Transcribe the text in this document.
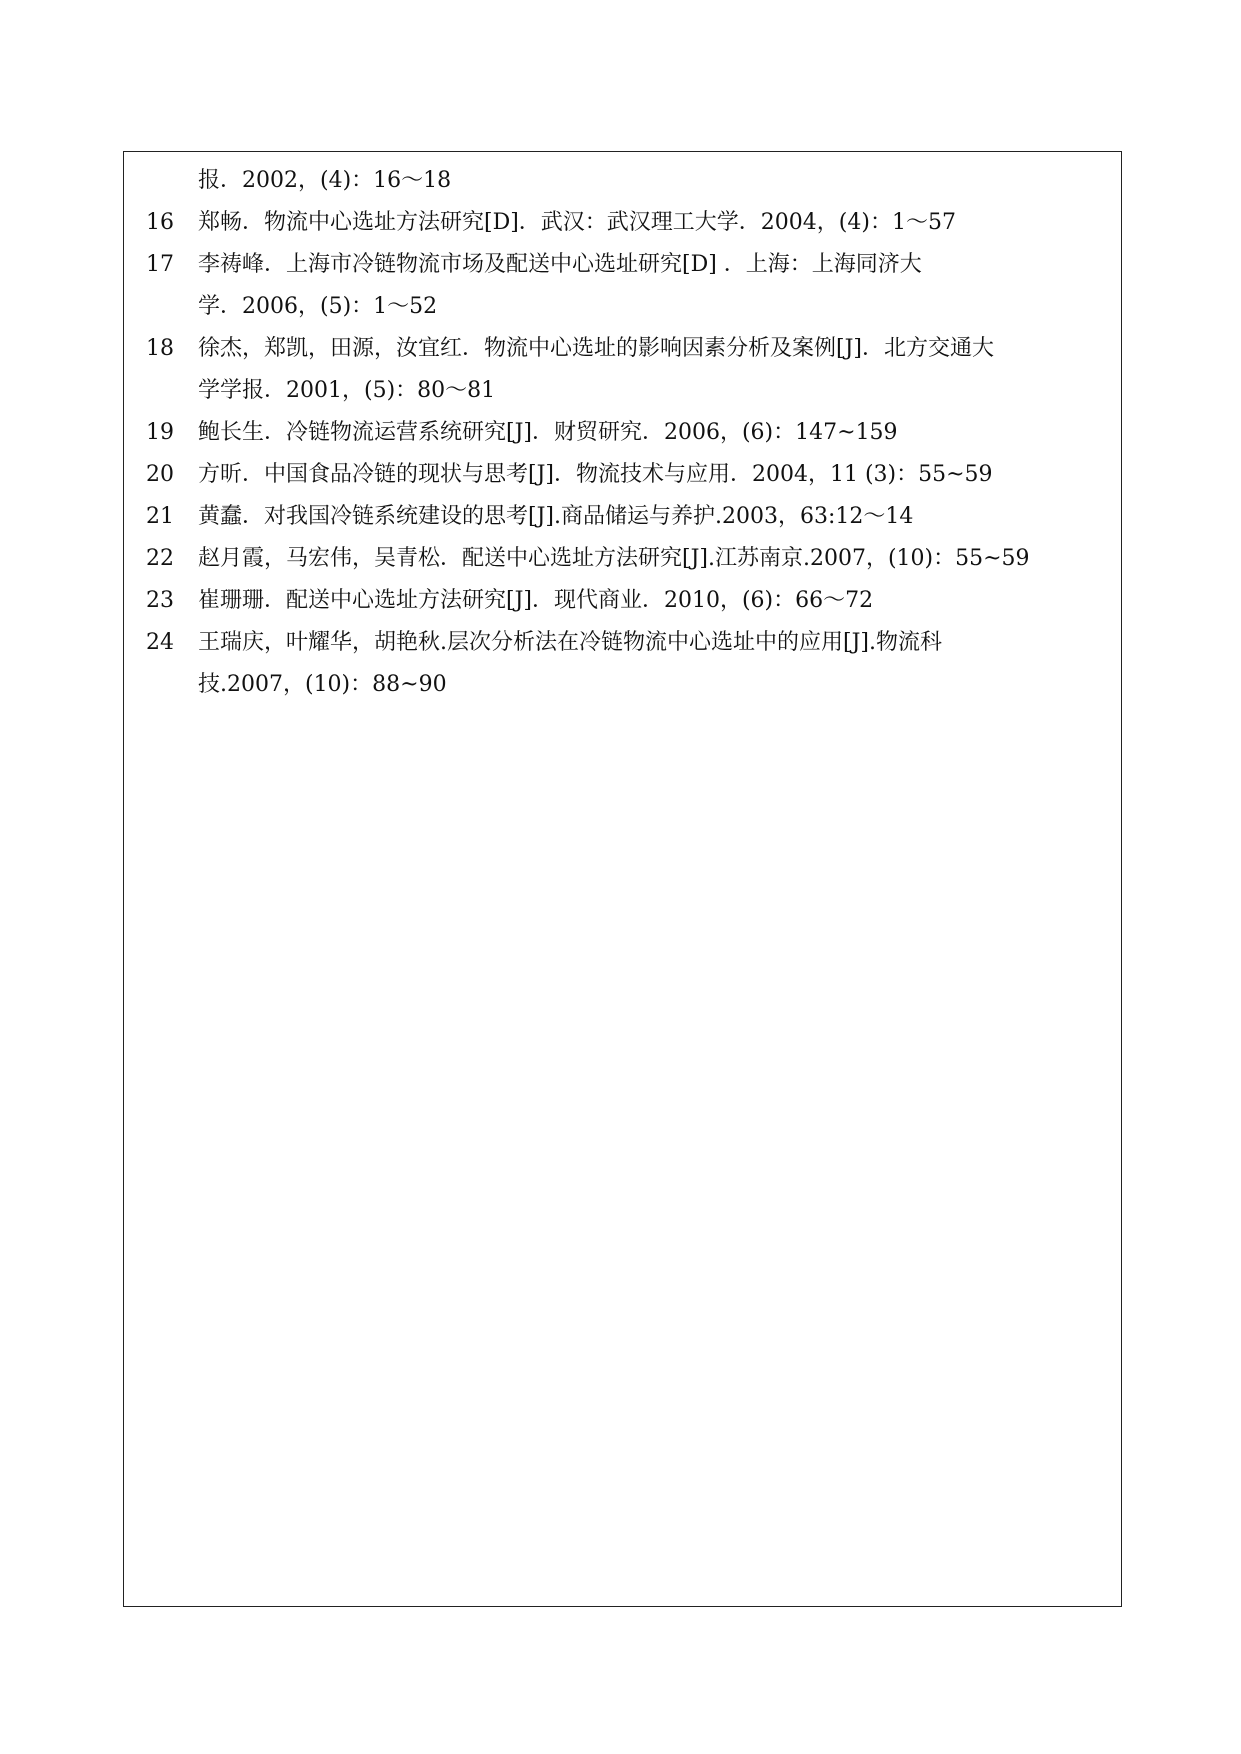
报．2002，(4)：16～18
16	郑畅．物流中心选址方法研究[D]．武汉：武汉理工大学．2004，(4)：1～57
17	李祷峰．上海市冷链物流市场及配送中心选址研究[D] ．上海：上海同济大
学．2006，(5)：1～52
18	徐杰，郑凯，田源，汝宜红．物流中心选址的影响因素分析及案例[J]．北方交通大
学学报．2001，(5)：80～81
19	鲍长生．冷链物流运营系统研究[J]．财贸研究．2006，(6)：147~159
20	方昕．中国食品冷链的现状与思考[J]．物流技术与应用．2004，11 (3)：55~59
21	黄蠢．对我国冷链系统建设的思考[J].商品储运与养护.2003，63:12～14
22	赵月霞，马宏伟，吴青松．配送中心选址方法研究[J].江苏南京.2007，(10)：55~59
23	崔珊珊．配送中心选址方法研究[J]．现代商业．2010，(6)：66～72
24	王瑞庆，叶耀华，胡艳秋.层次分析法在冷链物流中心选址中的应用[J].物流科
技.2007，(10)：88~90
